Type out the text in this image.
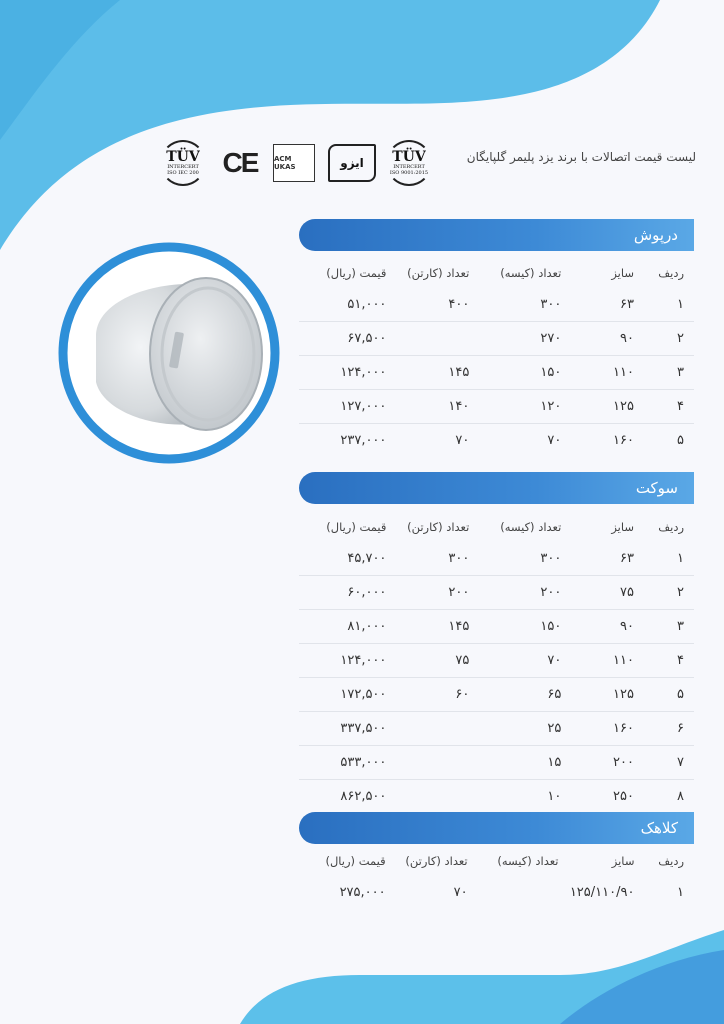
لیست قیمت اتصالات با برند یزد پلیمر گلپایگان
TÜV
INTERCERT
ISO IEC 200 CE	ACM UKAS	ایزو	TÜV
INTERCERT
ISO 9001:2015
درپوش
ردیف	سایز	تعداد (کیسه)	تعداد (کارتن)	قیمت (ریال)
۱	۶۳	۳۰۰	۴۰۰	۵۱,۰۰۰
۲	۹۰	۲۷۰		۶۷,۵۰۰
۳	۱۱۰	۱۵۰	۱۴۵	۱۲۴,۰۰۰
۴	۱۲۵	۱۲۰	۱۴۰	۱۲۷,۰۰۰
۵	۱۶۰	۷۰	۷۰	۲۳۷,۰۰۰
سوکت
ردیف	سایز	تعداد (کیسه)	تعداد (کارتن)	قیمت (ریال)
۱	۶۳	۳۰۰	۳۰۰	۴۵,۷۰۰
۲	۷۵	۲۰۰	۲۰۰	۶۰,۰۰۰
۳	۹۰	۱۵۰	۱۴۵	۸۱,۰۰۰
۴	۱۱۰	۷۰	۷۵	۱۲۴,۰۰۰
۵	۱۲۵	۶۵	۶۰	۱۷۲,۵۰۰
۶	۱۶۰	۲۵		۳۳۷,۵۰۰
۷	۲۰۰	۱۵		۵۳۳,۰۰۰
۸	۲۵۰	۱۰		۸۶۲,۵۰۰
کلاهک
ردیف	سایز	تعداد (کیسه)	تعداد (کارتن)	قیمت (ریال)
۱	۱۲۵/۱۱۰/۹۰		۷۰	۲۷۵,۰۰۰
